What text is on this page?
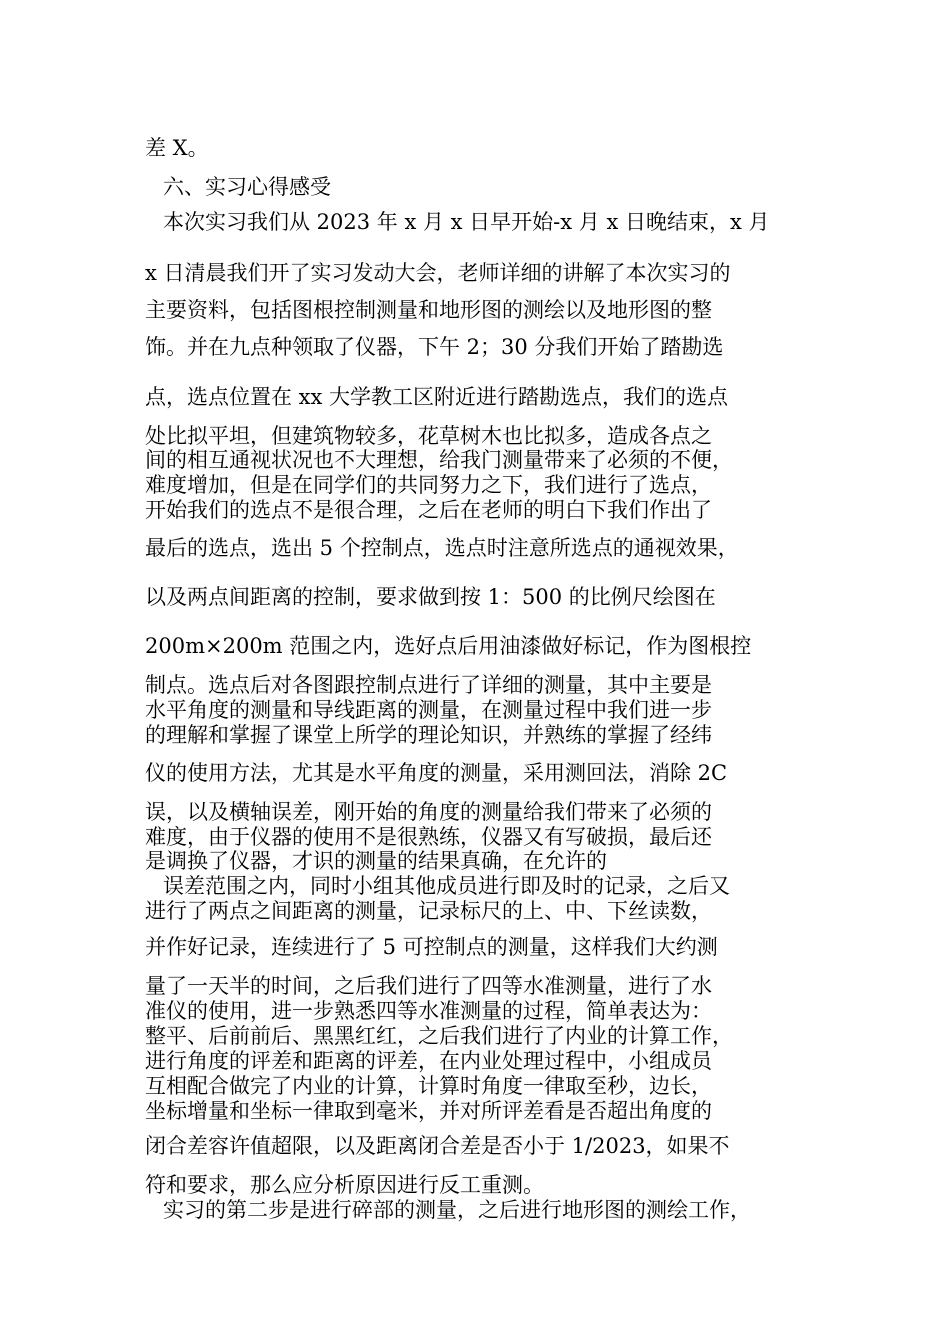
差 X。
六、实习心得感受
本次实习我们从 2023 年 x 月 x 日早开始-x 月 x 日晚结束，x 月
x 日清晨我们开了实习发动大会，老师详细的讲解了本次实习的
主要资料，包括图根控制测量和地形图的测绘以及地形图的整
饰。并在九点种领取了仪器，下午 2；30 分我们开始了踏勘选
点，选点位置在 xx 大学教工区附近进行踏勘选点，我们的选点
处比拟平坦，但建筑物较多，花草树木也比拟多，造成各点之
间的相互通视状况也不大理想，给我门测量带来了必须的不便，
难度增加，但是在同学们的共同努力之下，我们进行了选点，
开始我们的选点不是很合理，之后在老师的明白下我们作出了
最后的选点，选出 5 个控制点，选点时注意所选点的通视效果，
以及两点间距离的控制，要求做到按 1：500 的比例尺绘图在
200m×200m 范围之内，选好点后用油漆做好标记，作为图根控
制点。选点后对各图跟控制点进行了详细的测量，其中主要是
水平角度的测量和导线距离的测量，在测量过程中我们进一步
的理解和掌握了课堂上所学的理论知识，并熟练的掌握了经纬
仪的使用方法，尤其是水平角度的测量，采用测回法，消除 2C
误，以及横轴误差，刚开始的角度的测量给我们带来了必须的
难度，由于仪器的使用不是很熟练，仪器又有写破损，最后还
是调换了仪器，才识的测量的结果真确，在允许的
误差范围之内，同时小组其他成员进行即及时的记录，之后又
进行了两点之间距离的测量，记录标尺的上、中、下丝读数，
并作好记录，连续进行了 5 可控制点的测量，这样我们大约测
量了一天半的时间，之后我们进行了四等水准测量，进行了水
准仪的使用，进一步熟悉四等水准测量的过程，简单表达为：
整平、后前前后、黑黑红红，之后我们进行了内业的计算工作，
进行角度的评差和距离的评差，在内业处理过程中，小组成员
互相配合做完了内业的计算，计算时角度一律取至秒，边长，
坐标增量和坐标一律取到毫米，并对所评差看是否超出角度的
闭合差容许值超限，以及距离闭合差是否小于 1/2023，如果不
符和要求，那么应分析原因进行反工重测。
实习的第二步是进行碎部的测量，之后进行地形图的测绘工作，
